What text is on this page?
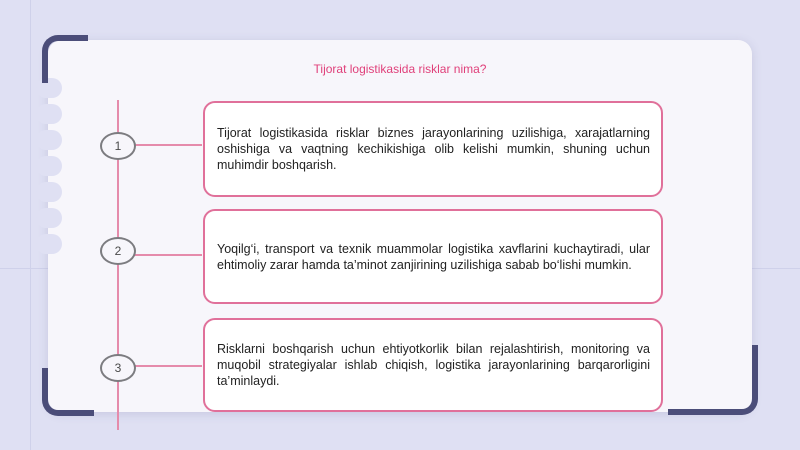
Tijorat logistikasida risklar nima?
1
2
3
Tijorat logistikasida risklar biznes jarayonlarining uzilishiga, xarajatlarning oshishiga va vaqtning kechikishiga olib kelishi mumkin, shuning uchun muhimdir boshqarish.
Yoqilg‘i, transport va texnik muammolar logistika xavflarini kuchaytiradi, ular ehtimoliy zarar hamda ta’minot zanjirining uzilishiga sabab bo‘lishi mumkin.
Risklarni boshqarish uchun ehtiyotkorlik bilan rejalashtirish, monitoring va muqobil strategiyalar ishlab chiqish, logistika jarayonlarining barqarorligini ta’minlaydi.
